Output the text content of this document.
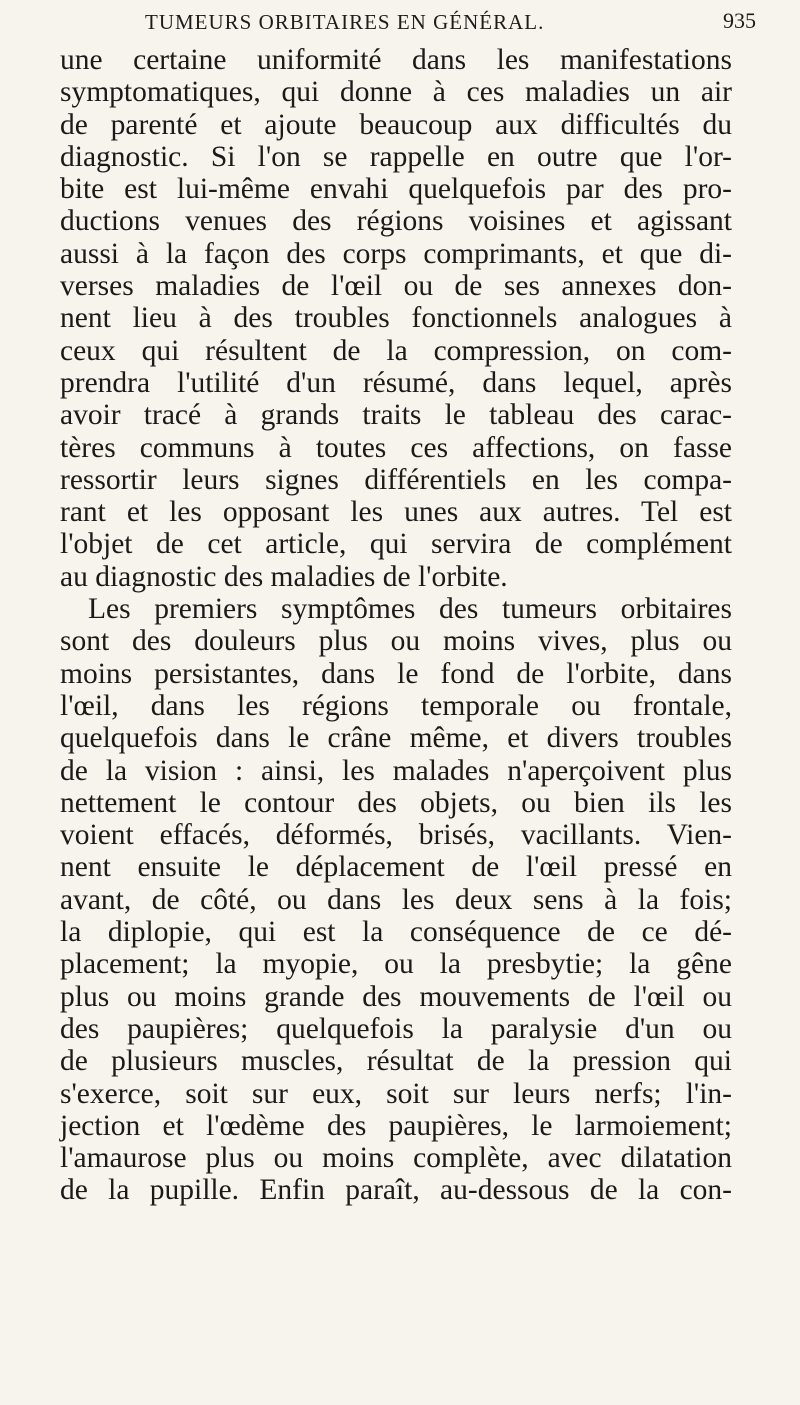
TUMEURS ORBITAIRES EN GÉNÉRAL.	935
une certaine uniformité dans les manifestations
symptomatiques, qui donne à ces maladies un air
de parenté et ajoute beaucoup aux difficultés du
diagnostic. Si l'on se rappelle en outre que l'or-
bite est lui-même envahi quelquefois par des pro-
ductions venues des régions voisines et agissant
aussi à la façon des corps comprimants, et que di-
verses maladies de l'œil ou de ses annexes don-
nent lieu à des troubles fonctionnels analogues à
ceux qui résultent de la compression, on com-
prendra l'utilité d'un résumé, dans lequel, après
avoir tracé à grands traits le tableau des carac-
tères communs à toutes ces affections, on fasse
ressortir leurs signes différentiels en les compa-
rant et les opposant les unes aux autres. Tel est
l'objet de cet article, qui servira de complément
au diagnostic des maladies de l'orbite.
Les premiers symptômes des tumeurs orbitaires
sont des douleurs plus ou moins vives, plus ou
moins persistantes, dans le fond de l'orbite, dans
l'œil, dans les régions temporale ou frontale,
quelquefois dans le crâne même, et divers troubles
de la vision : ainsi, les malades n'aperçoivent plus
nettement le contour des objets, ou bien ils les
voient effacés, déformés, brisés, vacillants. Vien-
nent ensuite le déplacement de l'œil pressé en
avant, de côté, ou dans les deux sens à la fois;
la diplopie, qui est la conséquence de ce dé-
placement; la myopie, ou la presbytie; la gêne
plus ou moins grande des mouvements de l'œil ou
des paupières; quelquefois la paralysie d'un ou
de plusieurs muscles, résultat de la pression qui
s'exerce, soit sur eux, soit sur leurs nerfs; l'in-
jection et l'œdème des paupières, le larmoiement;
l'amaurose plus ou moins complète, avec dilatation
de la pupille. Enfin paraît, au-dessous de la con-
